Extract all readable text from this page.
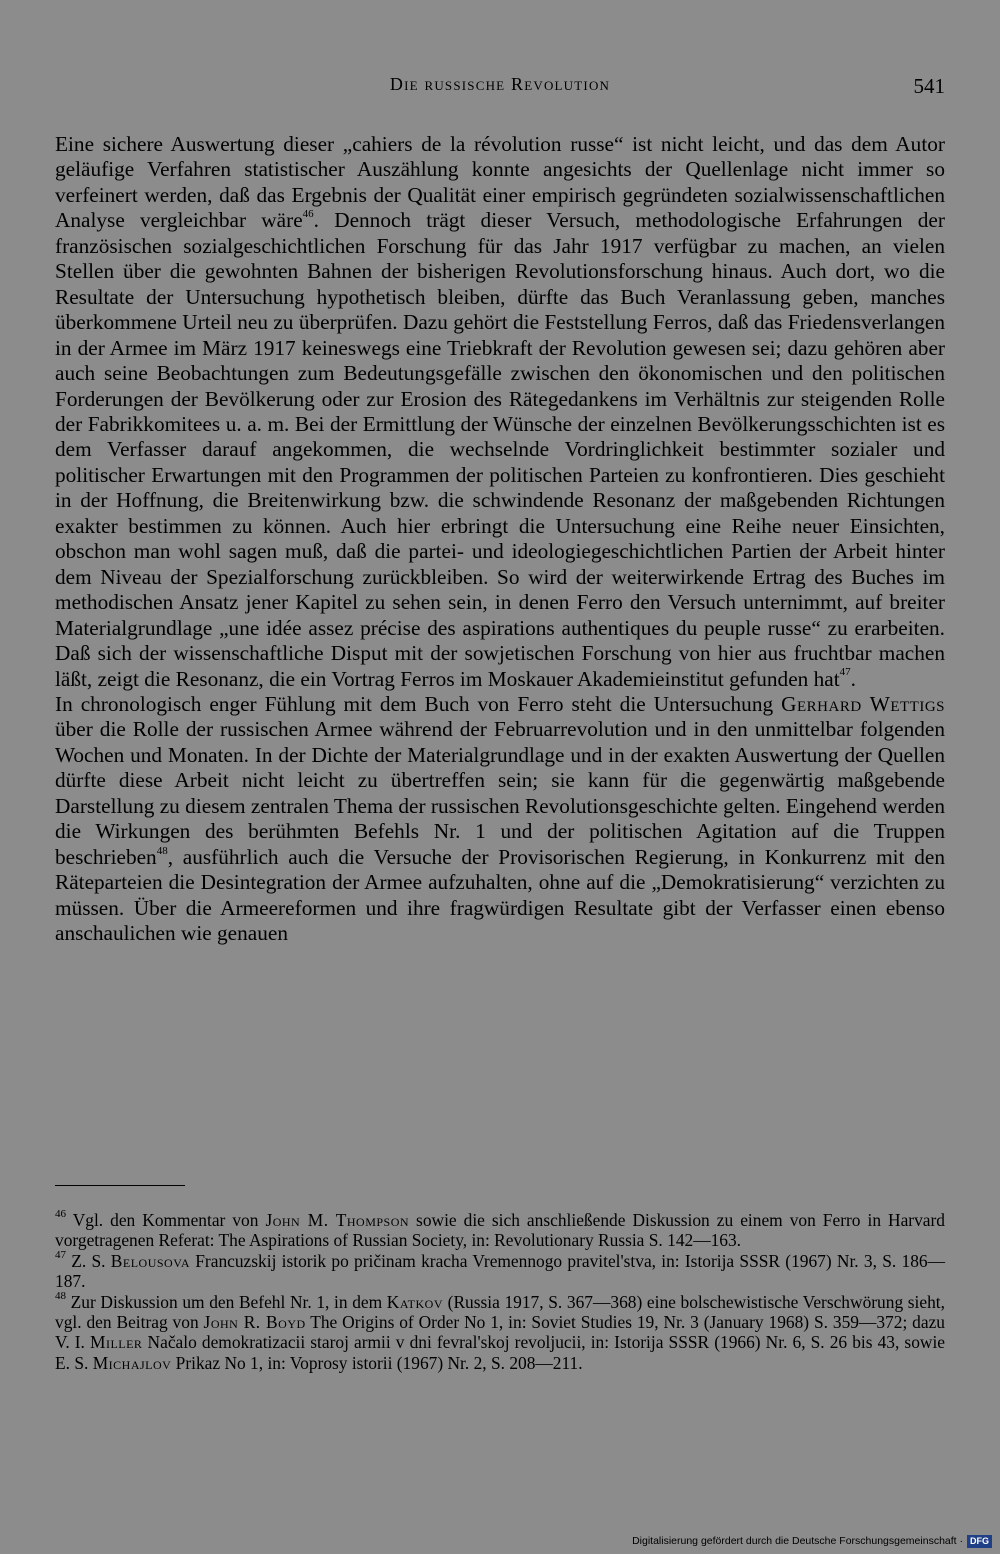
Die russische Revolution	541

Eine sichere Auswertung dieser „cahiers de la révolution russe“ ist nicht leicht, und das dem Autor geläufige Verfahren statistischer Auszählung konnte angesichts der Quellenlage nicht immer so verfeinert werden, daß das Ergebnis der Qualität einer empirisch gegründeten sozialwissenschaftlichen Analyse vergleichbar wäre$^{46}$. Dennoch trägt dieser Versuch, methodologische Erfahrungen der französischen sozialgeschichtlichen Forschung für das Jahr 1917 verfügbar zu machen, an vielen Stellen über die gewohnten Bahnen der bisherigen Revolutionsforschung hinaus. Auch dort, wo die Resultate der Untersuchung hypothetisch bleiben, dürfte das Buch Veranlassung geben, manches überkommene Urteil neu zu überprüfen. Dazu gehört die Feststellung Ferros, daß das Friedensverlangen in der Armee im März 1917 keineswegs eine Triebkraft der Revolution gewesen sei; dazu gehören aber auch seine Beobachtungen zum Bedeutungsgefälle zwischen den ökonomischen und den politischen Forderungen der Bevölkerung oder zur Erosion des Rätegedankens im Verhältnis zur steigenden Rolle der Fabrikkomitees u. a. m. Bei der Ermittlung der Wünsche der einzelnen Bevölkerungsschichten ist es dem Verfasser darauf angekommen, die wechselnde Vordringlichkeit bestimmter sozialer und politischer Erwartungen mit den Programmen der politischen Parteien zu konfrontieren. Dies geschieht in der Hoffnung, die Breitenwirkung bzw. die schwindende Resonanz der maßgebenden Richtungen exakter bestimmen zu können. Auch hier erbringt die Untersuchung eine Reihe neuer Einsichten, obschon man wohl sagen muß, daß die partei- und ideologiegeschichtlichen Partien der Arbeit hinter dem Niveau der Spezialforschung zurückbleiben. So wird der weiterwirkende Ertrag des Buches im methodischen Ansatz jener Kapitel zu sehen sein, in denen Ferro den Versuch unternimmt, auf breiter Materialgrundlage „une idée assez précise des aspirations authentiques du peuple russe“ zu erarbeiten. Daß sich der wissenschaftliche Disput mit der sowjetischen Forschung von hier aus fruchtbar machen läßt, zeigt die Resonanz, die ein Vortrag Ferros im Moskauer Akademieinstitut gefunden hat$^{47}$.

In chronologisch enger Fühlung mit dem Buch von Ferro steht die Untersuchung Gerhard Wettigs über die Rolle der russischen Armee während der Februarrevolution und in den unmittelbar folgenden Wochen und Monaten. In der Dichte der Materialgrundlage und in der exakten Auswertung der Quellen dürfte diese Arbeit nicht leicht zu übertreffen sein; sie kann für die gegenwärtig maßgebende Darstellung zu diesem zentralen Thema der russischen Revolutionsgeschichte gelten. Eingehend werden die Wirkungen des berühmten Befehls Nr. 1 und der politischen Agitation auf die Truppen beschrieben$^{48}$, ausführlich auch die Versuche der Provisorischen Regierung, in Konkurrenz mit den Räteparteien die Desintegration der Armee aufzuhalten, ohne auf die „Demokratisierung“ verzichten zu müssen. Über die Armeereformen und ihre fragwürdigen Resultate gibt der Verfasser einen ebenso anschaulichen wie genauen

$^{46}$ Vgl. den Kommentar von John M. Thompson sowie die sich anschließende Diskussion zu einem von Ferro in Harvard vorgetragenen Referat: The Aspirations of Russian Society, in: Revolutionary Russia S. 142—163.

$^{47}$ Z. S. Belousova Francuzskij istorik po pričinam kracha Vremennogo pravitel'stva, in: Istorija SSSR (1967) Nr. 3, S. 186—187.

$^{48}$ Zur Diskussion um den Befehl Nr. 1, in dem Katkov (Russia 1917, S. 367—368) eine bolschewistische Verschwörung sieht, vgl. den Beitrag von John R. Boyd The Origins of Order No 1, in: Soviet Studies 19, Nr. 3 (January 1968) S. 359—372; dazu V. I. Miller Načalo demokratizacii staroj armii v dni fevral'skoj revoljucii, in: Istorija SSSR (1966) Nr. 6, S. 26 bis 43, sowie E. S. Michajlov Prikaz No 1, in: Voprosy istorii (1967) Nr. 2, S. 208—211.

Digitalisierung gefördert durch die Deutsche Forschungsgemeinschaft · DFG
